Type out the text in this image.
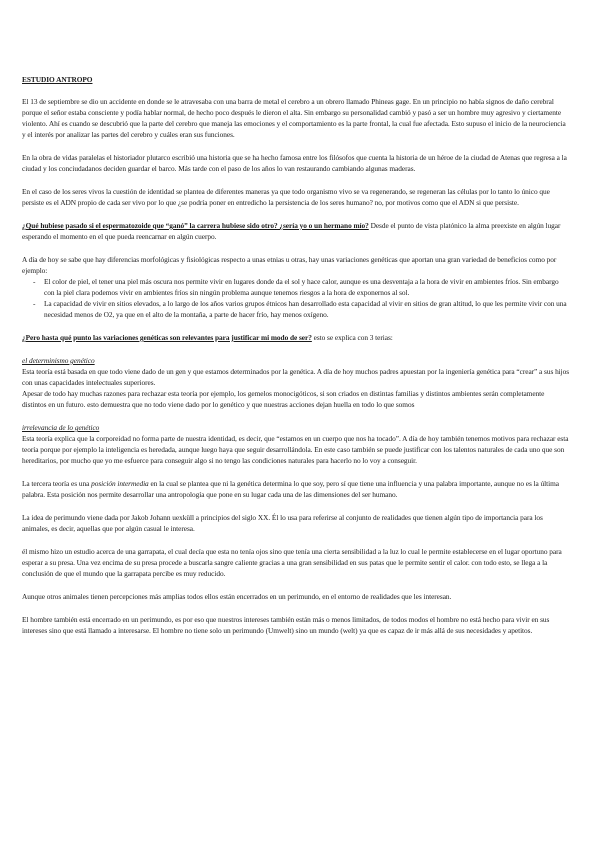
ESTUDIO ANTROPO

El 13 de septiembre se dio un accidente en donde se le atravesaba con una barra de metal el cerebro a un obrero llamado Phineas gage. En un principio no había signos de daño cerebral porque el señor estaba consciente y podía hablar normal, de hecho poco después le dieron el alta. Sin embargo su personalidad cambió y pasó a ser un hombre muy agresivo y ciertamente violento. Ahí es cuando se descubrió que la parte del cerebro que maneja las emociones y el comportamiento es la parte frontal, la cual fue afectada. Esto supuso el inicio de la neurociencia y el interés por analizar las partes del cerebro y cuáles eran sus funciones.

En la obra de vidas paralelas el historiador plutarco escribió una historia que se ha hecho famosa entre los filósofos que cuenta la historia de un héroe de la ciudad de Atenas que regresa a la ciudad y los conciudadanos deciden guardar el barco. Más tarde con el paso de los años lo van restaurando cambiando algunas maderas.

En el caso de los seres vivos la cuestión de identidad se plantea de diferentes maneras ya que todo organismo vivo se va regenerando, se regeneran las células por lo tanto lo único que persiste es el ADN propio de cada ser vivo por lo que ¿se podría poner en entredicho la persistencia de los seres humano? no, por motivos como que el ADN si que persiste.

¿Qué hubiese pasado si el espermatozoide que “ganó” la carrera hubiese sido otro? ¿sería yo o un hermano mío? Desde el punto de vista platónico la alma preexiste en algún lugar esperando el momento en el que pueda reencarnar en algún cuerpo.

A día de hoy se sabe que hay diferencias morfológicas y fisiológicas respecto a unas etnias u otras, hay unas variaciones genéticas que aportan una gran variedad de beneficios como por ejemplo:

- El color de piel, el tener una piel más oscura nos permite vivir en lugares donde da el sol y hace calor, aunque es una desventaja a la hora de vivir en ambientes fríos. Sin embargo con la piel clara podemos vivir en ambientes fríos sin ningún problema aunque tenemos riesgos a la hora de exponernos al sol.
- La capacidad de vivir en sitios elevados, a lo largo de los años varios grupos étnicos han desarrollado esta capacidad al vivir en sitios de gran altitud, lo que les permite vivir con una necesidad menos de O2, ya que en el alto de la montaña, a parte de hacer frío, hay menos oxígeno.

¿Pero hasta qué punto las variaciones genéticas son relevantes para justificar mi modo de ser? esto se explica con 3 terias:

el determinismo genético

Esta teoría está basada en que todo viene dado de un gen y que estamos determinados por la genética. A día de hoy muchos padres apuestan por la ingeniería genética para “crear” a sus hijos con unas capacidades intelectuales superiores.

Apesar de todo hay muchas razones para rechazar esta teoría por ejemplo, los gemelos monocigóticos, si son criados en distintas familias y distintos ambientes serán completamente distintos en un futuro. esto demuestra que no todo viene dado por lo genético y que nuestras acciones dejan huella en todo lo que somos

irrelevancia de lo genético

Esta teoría explica que la corporeidad no forma parte de nuestra identidad, es decir, que “estamos en un cuerpo que nos ha tocado”. A día de hoy también tenemos motivos para rechazar esta teoría porque por ejemplo la inteligencia es heredada, aunque luego haya que seguir desarrollándola. En este caso también se puede justificar con los talentos naturales de cada uno que son hereditarios, por mucho que yo me esfuerce para conseguir algo si no tengo las condiciones naturales para hacerlo no lo voy a conseguir.

La tercera teoría es una posición intermedia en la cual se plantea que ni la genética determina lo que soy, pero sí que tiene una influencia y una palabra importante, aunque no es la última palabra. Esta posición nos permite desarrollar una antropología que pone en su lugar cada una de las dimensiones del ser humano.

La idea de perimundo viene dada por Jakob Johann uexküll a principios del siglo XX. Él lo usa para referirse al conjunto de realidades que tienen algún tipo de importancia para los animales, es decir, aquellas que por algún casual le interesa.

él mismo hizo un estudio acerca de una garrapata, el cual decía que esta no tenía ojos sino que tenía una cierta sensibilidad a la luz lo cual le permite establecerse en el lugar oportuno para esperar a su presa. Una vez encima de su presa procede a buscarla sangre caliente gracias a una gran sensibilidad en sus patas que le permite sentir el calor. con todo esto, se llega a la conclusión de que el mundo que la garrapata percibe es muy reducido.

Aunque otros animales tienen percepciones más amplias todos ellos están encerrados en un perimundo, en el entorno de realidades que les interesan.

El hombre también está encerrado en un perimundo, es por eso que nuestros intereses también están más o menos limitados, de todos modos el hombre no está hecho para vivir en sus intereses sino que está llamado a interesarse. El hombre no tiene solo un perimundo (Umwelt) sino un mundo (welt) ya que es capaz de ir más allá de sus necesidades y apetitos.
